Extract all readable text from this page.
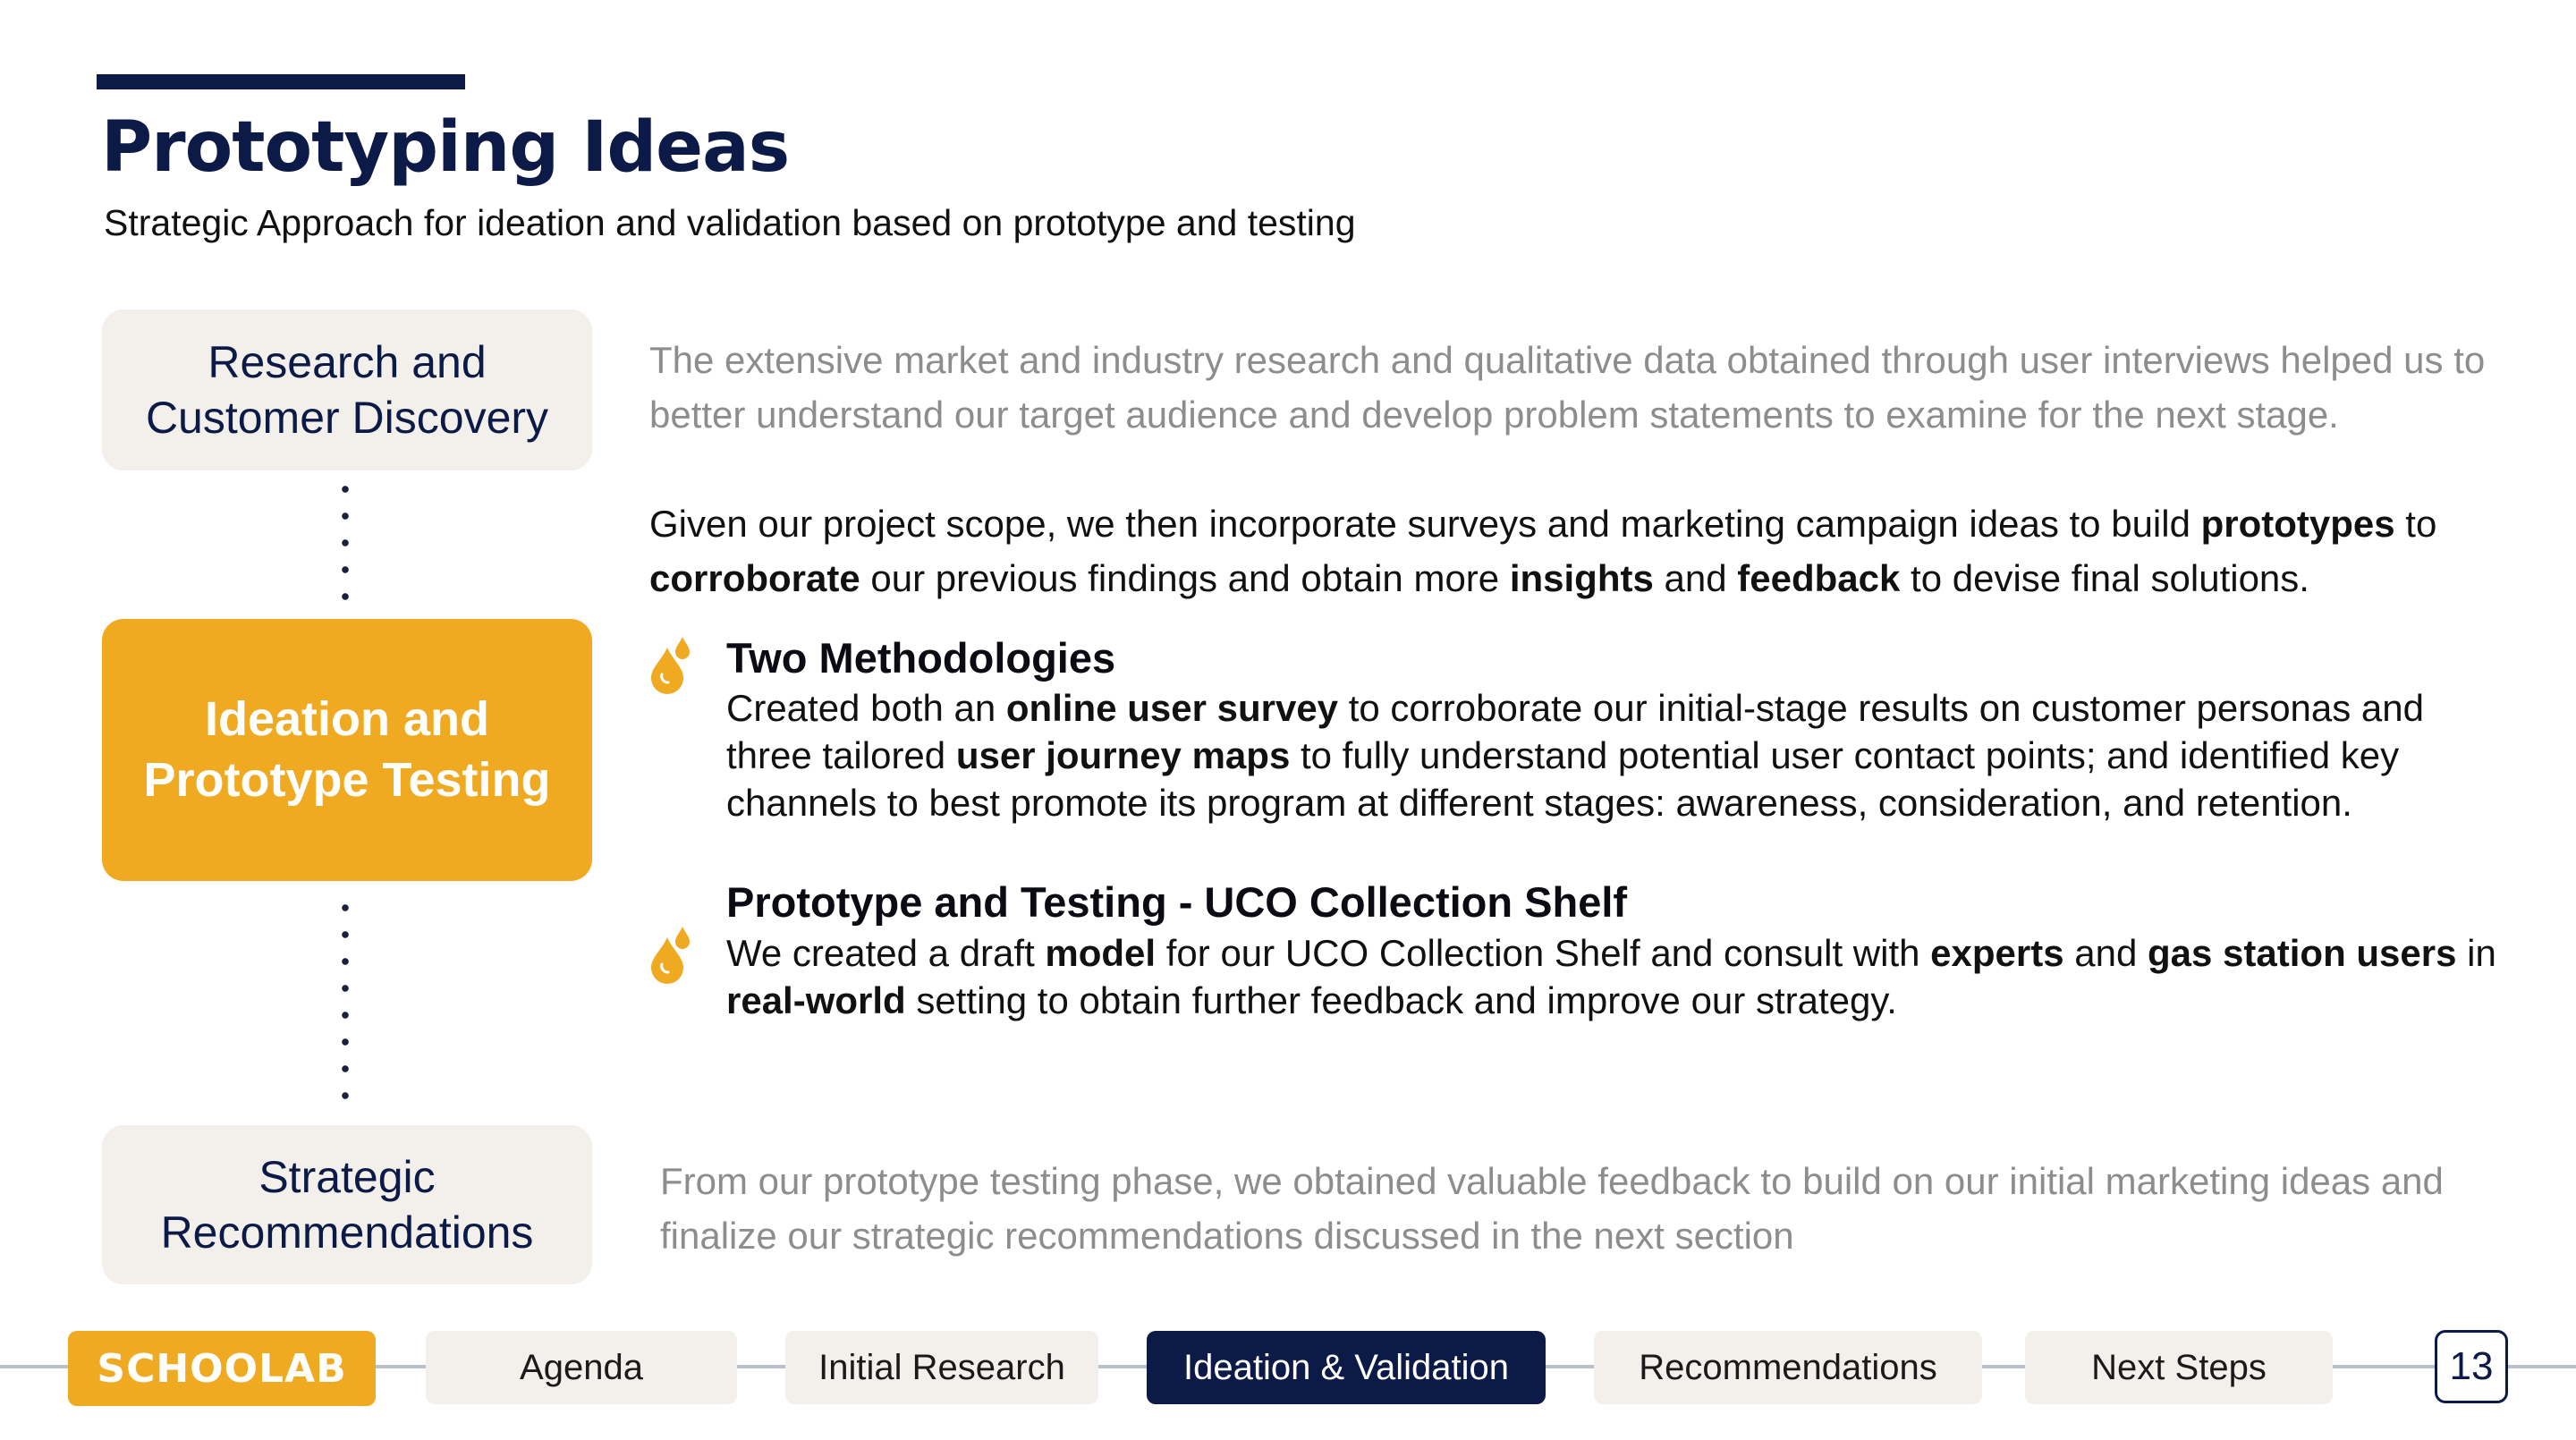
Prototyping Ideas
Strategic Approach for ideation and validation based on prototype and testing
Research and Customer Discovery
Ideation and Prototype Testing
Strategic Recommendations
The extensive market and industry research and qualitative data obtained through user interviews helped us to better understand our target audience and develop problem statements to examine for the next stage.
Given our project scope, we then incorporate surveys and marketing campaign ideas to build prototypes to corroborate our previous findings and obtain more insights and feedback to devise final solutions.
Two Methodologies
Created both an online user survey to corroborate our initial-stage results on customer personas and three tailored user journey maps to fully understand potential user contact points; and identified key channels to best promote its program at different stages: awareness, consideration, and retention.
Prototype and Testing - UCO Collection Shelf
We created a draft model for our UCO Collection Shelf and consult with experts and gas station users in real-world setting to obtain further feedback and improve our strategy.
From our prototype testing phase, we obtained valuable feedback to build on our initial marketing ideas and finalize our strategic recommendations discussed in the next section
SCHOOLAB	Agenda	Initial Research	Ideation & Validation	Recommendations	Next Steps	13
